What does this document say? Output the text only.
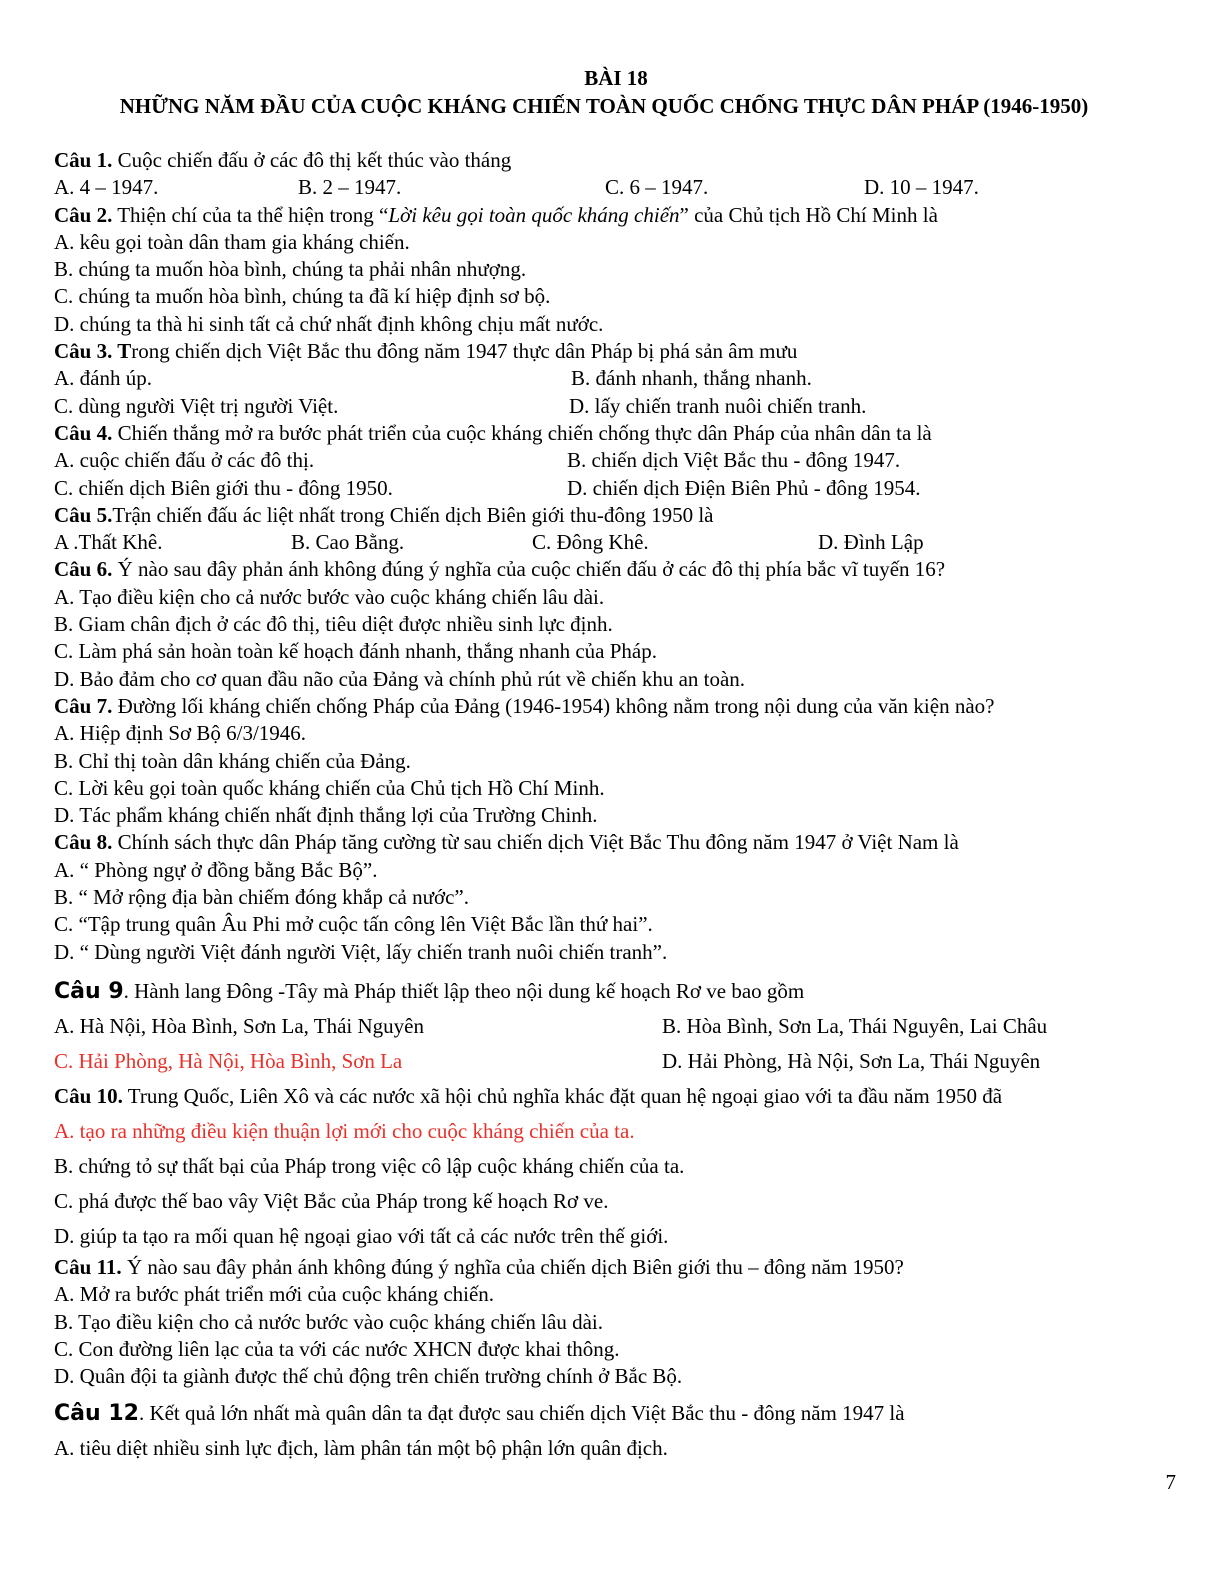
BÀI 18
NHỮNG NĂM ĐẦU CỦA CUỘC KHÁNG CHIẾN TOÀN QUỐC CHỐNG THỰC DÂN PHÁP (1946-1950)
Câu 1. Cuộc chiến đấu ở các đô thị kết thúc vào tháng
A. 4 – 1947.	B. 2 – 1947.	C. 6 – 1947.	D. 10 – 1947.
Câu 2. Thiện chí của ta thể hiện trong “Lời kêu gọi toàn quốc kháng chiến” của Chủ tịch Hồ Chí Minh là
A. kêu gọi toàn dân tham gia kháng chiến.
B. chúng ta muốn hòa bình, chúng ta phải nhân nhượng.
C. chúng ta muốn hòa bình, chúng ta đã kí hiệp định sơ bộ.
D. chúng ta thà hi sinh tất cả chứ nhất định không chịu mất nước.
Câu 3. Trong chiến dịch Việt Bắc thu đông năm 1947 thực dân Pháp bị phá sản âm mưu
A. đánh úp.	B. đánh nhanh, thắng nhanh.
C. dùng người Việt trị người Việt.	D. lấy chiến tranh nuôi chiến tranh.
Câu 4. Chiến thắng mở ra bước phát triển của cuộc kháng chiến chống thực dân Pháp của nhân dân ta là
A. cuộc chiến đấu ở các đô thị.	B. chiến dịch Việt Bắc thu - đông 1947.
C. chiến dịch Biên giới thu - đông 1950.	D. chiến dịch Điện Biên Phủ - đông 1954.
Câu 5.Trận chiến đấu ác liệt nhất trong Chiến dịch Biên giới thu-đông 1950 là
A .Thất Khê.	B. Cao Bằng.	C. Đông Khê.	D. Đình Lập
Câu 6. Ý nào sau đây phản ánh không đúng ý nghĩa của cuộc chiến đấu ở các đô thị phía bắc vĩ tuyến 16?
A. Tạo điều kiện cho cả nước bước vào cuộc kháng chiến lâu dài.
B. Giam chân địch ở các đô thị, tiêu diệt được nhiều sinh lực định.
C. Làm phá sản hoàn toàn kế hoạch đánh nhanh, thắng nhanh của Pháp.
D. Bảo đảm cho cơ quan đầu não của Đảng và chính phủ rút về chiến khu an toàn.
Câu 7. Đường lối kháng chiến chống Pháp của Đảng (1946-1954) không nằm trong nội dung của văn kiện nào?
A. Hiệp định Sơ Bộ 6/3/1946.
B. Chỉ thị toàn dân kháng chiến của Đảng.
C. Lời kêu gọi toàn quốc kháng chiến của Chủ tịch Hồ Chí Minh.
D. Tác phẩm kháng chiến nhất định thắng lợi của Trường Chinh.
Câu 8. Chính sách thực dân Pháp tăng cường từ sau chiến dịch Việt Bắc Thu đông năm 1947 ở Việt Nam là
A. “ Phòng ngự ở đồng bằng Bắc Bộ”.
B. “ Mở rộng địa bàn chiếm đóng khắp cả nước”.
C. “Tập trung quân Âu Phi mở cuộc tấn công lên Việt Bắc lần thứ hai”.
D. “ Dùng người Việt đánh người Việt, lấy chiến tranh nuôi chiến tranh”.
Câu 9. Hành lang Đông -Tây mà Pháp thiết lập theo nội dung kế hoạch Rơ ve bao gồm
A. Hà Nội, Hòa Bình, Sơn La, Thái Nguyên	B. Hòa Bình, Sơn La, Thái Nguyên, Lai Châu
C. Hải Phòng, Hà Nội, Hòa Bình, Sơn La	D. Hải Phòng, Hà Nội, Sơn La, Thái Nguyên
Câu 10. Trung Quốc, Liên Xô và các nước xã hội chủ nghĩa khác đặt quan hệ ngoại giao với ta đầu năm 1950 đã
A. tạo ra những điều kiện thuận lợi mới cho cuộc kháng chiến của ta.
B. chứng tỏ sự thất bại của Pháp trong việc cô lập cuộc kháng chiến của ta.
C. phá được thế bao vây Việt Bắc của Pháp trong kế hoạch Rơ ve.
D. giúp ta tạo ra mối quan hệ ngoại giao với tất cả các nước trên thế giới.
Câu 11. Ý nào sau đây phản ánh không đúng ý nghĩa của chiến dịch Biên giới thu – đông năm 1950?
A. Mở ra bước phát triển mới của cuộc kháng chiến.
B. Tạo điều kiện cho cả nước bước vào cuộc kháng chiến lâu dài.
C. Con đường liên lạc của ta với các nước XHCN được khai thông.
D. Quân đội ta giành được thế chủ động trên chiến trường chính ở Bắc Bộ.
Câu 12. Kết quả lớn nhất mà quân dân ta đạt được sau chiến dịch Việt Bắc thu - đông năm 1947 là
A. tiêu diệt nhiều sinh lực địch, làm phân tán một bộ phận lớn quân địch.
7
